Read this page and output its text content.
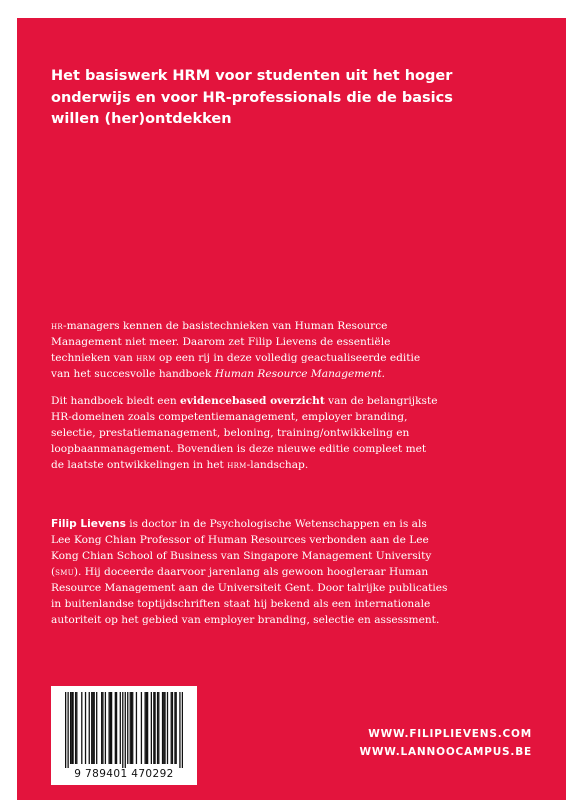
Het basiswerk HRM voor studenten uit het hoger
onderwijs en voor HR-professionals die de basics
willen (her)ontdekken

hr-managers kennen de basistechnieken van Human Resource
Management niet meer. Daarom zet Filip Lievens de essentiële
technieken van hrm op een rij in deze volledig geactualiseerde editie
van het succesvolle handboek Human Resource Management.

Dit handboek biedt een evidencebased overzicht van de belangrijkste
HR-domeinen zoals competentiemanagement, employer branding,
selectie, prestatiemanagement, beloning, training/ontwikkeling en
loopbaanmanagement. Bovendien is deze nieuwe editie compleet met
de laatste ontwikkelingen in het hrm-landschap.

Filip Lievens is doctor in de Psychologische Wetenschappen en is als
Lee Kong Chian Professor of Human Resources verbonden aan de Lee
Kong Chian School of Business van Singapore Management University
(smu). Hij doceerde daarvoor jarenlang als gewoon hoogleraar Human
Resource Management aan de Universiteit Gent. Door talrijke publicaties
in buitenlandse toptijdschriften staat hij bekend als een internationale
autoriteit op het gebied van employer branding, selectie en assessment.

9 789401 470292
WWW.FILIPLIEVENS.COM
WWW.LANNOOCAMPUS.BE
